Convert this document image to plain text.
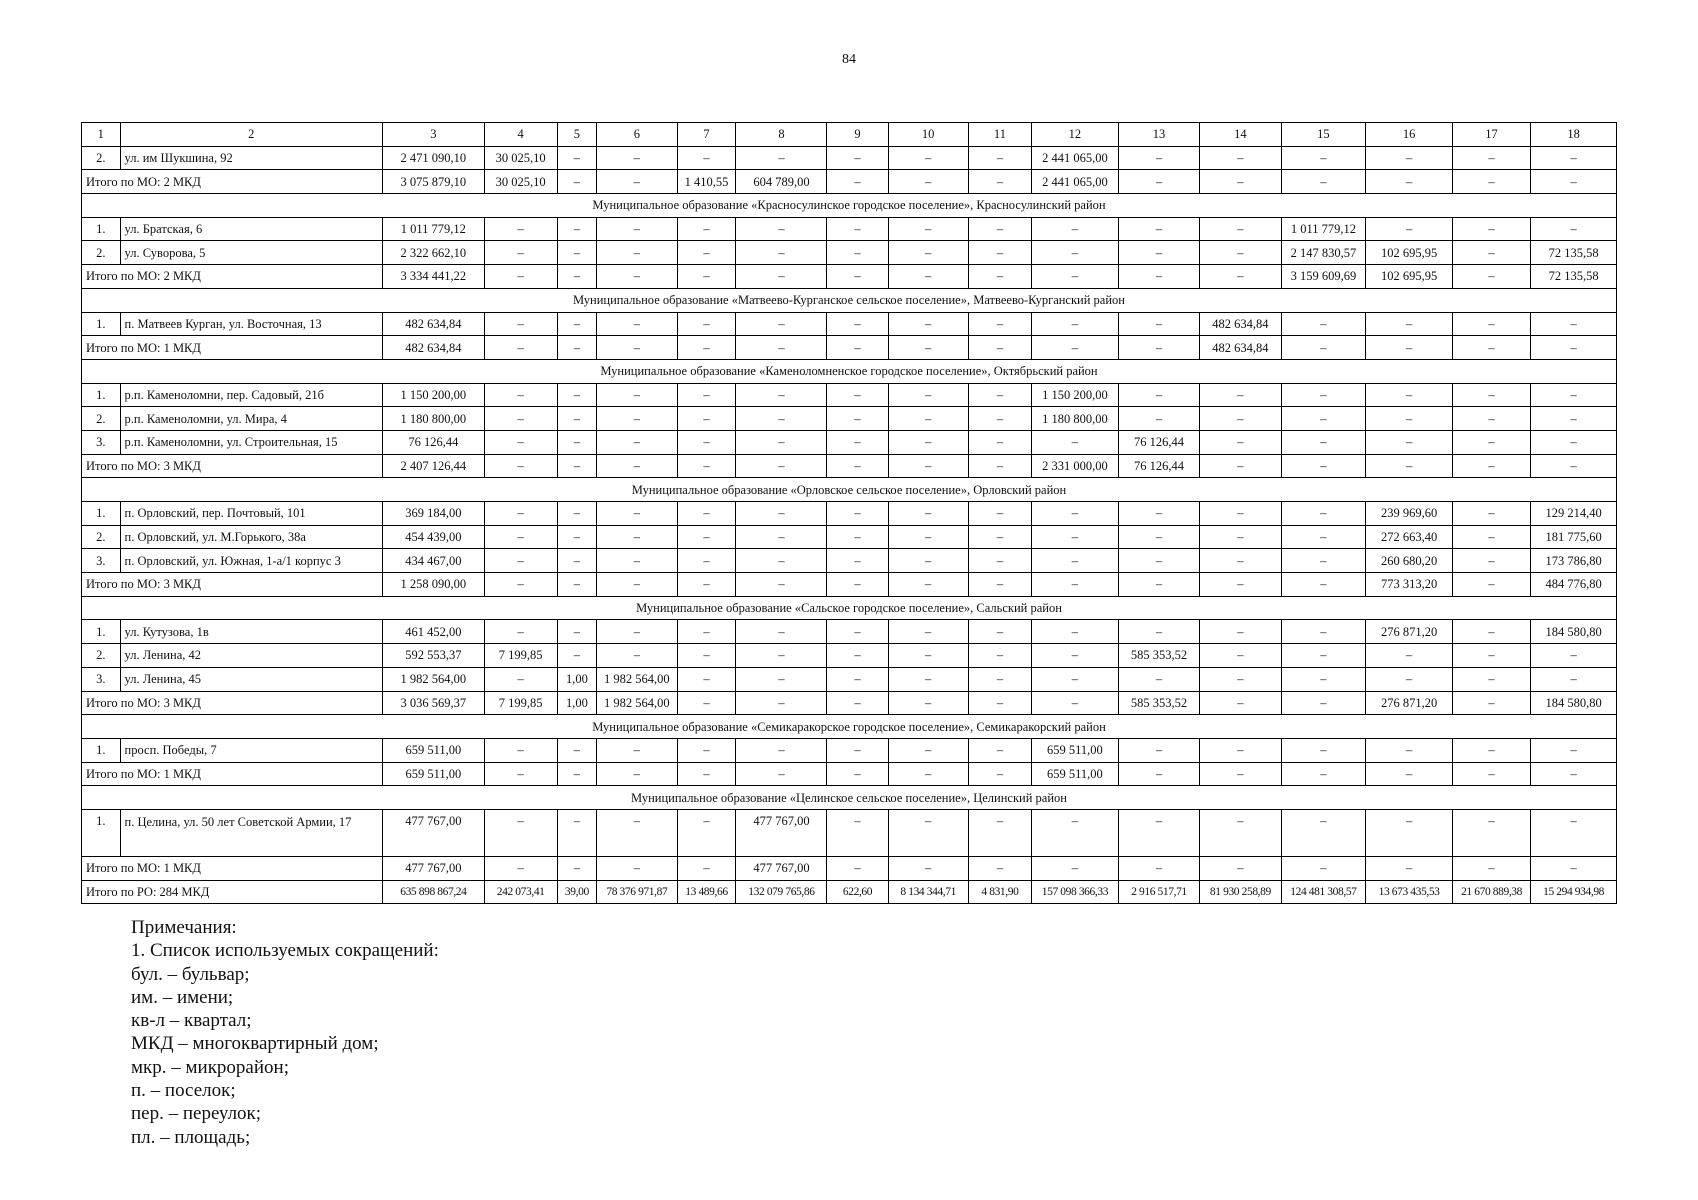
84
1	2	3	4	5	6	7	8	9	10	11	12	13	14	15	16	17	18
2.	ул. им Шукшина, 92	2 471 090,10	30 025,10	–	–	–	–	–	–	–	2 441 065,00	–	–	–	–	–	–
Итого по МО: 2 МКД		3 075 879,10	30 025,10	–	–	1 410,55	604 789,00	–	–	–	2 441 065,00	–	–	–	–	–	–
Муниципальное образование «Красносулинское городское поселение», Красносулинский район																	
1.	ул. Братская, 6	1 011 779,12	–	–	–	–	–	–	–	–	–	–	–	1 011 779,12	–	–	–
2.	ул. Суворова, 5	2 322 662,10	–	–	–	–	–	–	–	–	–	–	–	2 147 830,57	102 695,95	–	72 135,58
Итого по МО: 2 МКД		3 334 441,22	–	–	–	–	–	–	–	–	–	–	–	3 159 609,69	102 695,95	–	72 135,58
Муниципальное образование «Матвеево-Курганское сельское поселение», Матвеево-Курганский район																	
1.	п. Матвеев Курган, ул. Восточная, 13	482 634,84	–	–	–	–	–	–	–	–	–	–	482 634,84	–	–	–	–
Итого по МО: 1 МКД		482 634,84	–	–	–	–	–	–	–	–	–	–	482 634,84	–	–	–	–
Муниципальное образование «Каменоломненское городское поселение», Октябрьский район																	
1.	р.п. Каменоломни, пер. Садовый, 21б	1 150 200,00	–	–	–	–	–	–	–	–	1 150 200,00	–	–	–	–	–	–
2.	р.п. Каменоломни, ул. Мира, 4	1 180 800,00	–	–	–	–	–	–	–	–	1 180 800,00	–	–	–	–	–	–
3.	р.п. Каменоломни, ул. Строительная, 15	76 126,44	–	–	–	–	–	–	–	–	–	76 126,44	–	–	–	–	–
Итого по МО: 3 МКД		2 407 126,44	–	–	–	–	–	–	–	–	2 331 000,00	76 126,44	–	–	–	–	–
Муниципальное образование «Орловское сельское поселение», Орловский район																	
1.	п. Орловский, пер. Почтовый, 101	369 184,00	–	–	–	–	–	–	–	–	–	–	–	–	239 969,60	–	129 214,40
2.	п. Орловский, ул. М.Горького, 38а	454 439,00	–	–	–	–	–	–	–	–	–	–	–	–	272 663,40	–	181 775,60
3.	п. Орловский, ул. Южная, 1-а/1 корпус 3	434 467,00	–	–	–	–	–	–	–	–	–	–	–	–	260 680,20	–	173 786,80
Итого по МО: 3 МКД		1 258 090,00	–	–	–	–	–	–	–	–	–	–	–	–	773 313,20	–	484 776,80
Муниципальное образование «Сальское городское поселение», Сальский район																	
1.	ул. Кутузова, 1в	461 452,00	–	–	–	–	–	–	–	–	–	–	–	–	276 871,20	–	184 580,80
2.	ул. Ленина, 42	592 553,37	7 199,85	–	–	–	–	–	–	–	–	585 353,52	–	–	–	–	–
3.	ул. Ленина, 45	1 982 564,00	–	1,00	1 982 564,00	–	–	–	–	–	–	–	–	–	–	–	–
Итого по МО: 3 МКД		3 036 569,37	7 199,85	1,00	1 982 564,00	–	–	–	–	–	–	585 353,52	–	–	276 871,20	–	184 580,80
Муниципальное образование «Семикаракорское городское поселение», Семикаракорский район																	
1.	просп. Победы, 7	659 511,00	–	–	–	–	–	–	–	–	659 511,00	–	–	–	–	–	–
Итого по МО: 1 МКД		659 511,00	–	–	–	–	–	–	–	–	659 511,00	–	–	–	–	–	–
Муниципальное образование «Целинское сельское поселение», Целинский район																	
1.	п. Целина, ул. 50 лет Советской Армии, 17	477 767,00	–	–	–	–	477 767,00	–	–	–	–	–	–	–	–	–	–
Итого по МО: 1 МКД		477 767,00	–	–	–	–	477 767,00	–	–	–	–	–	–	–	–	–	–
Итого по РО: 284 МКД		635 898 867,24	242 073,41	39,00	78 376 971,87	13 489,66	132 079 765,86	622,60	8 134 344,71	4 831,90	157 098 366,33	2 916 517,71	81 930 258,89	124 481 308,57	13 673 435,53	21 670 889,38	15 294 934,98
Примечания:
1. Список используемых сокращений:
бул. – бульвар;
им. – имени;
кв-л – квартал;
МКД – многоквартирный дом;
мкр. – микрорайон;
п. – поселок;
пер. – переулок;
пл. – площадь;
